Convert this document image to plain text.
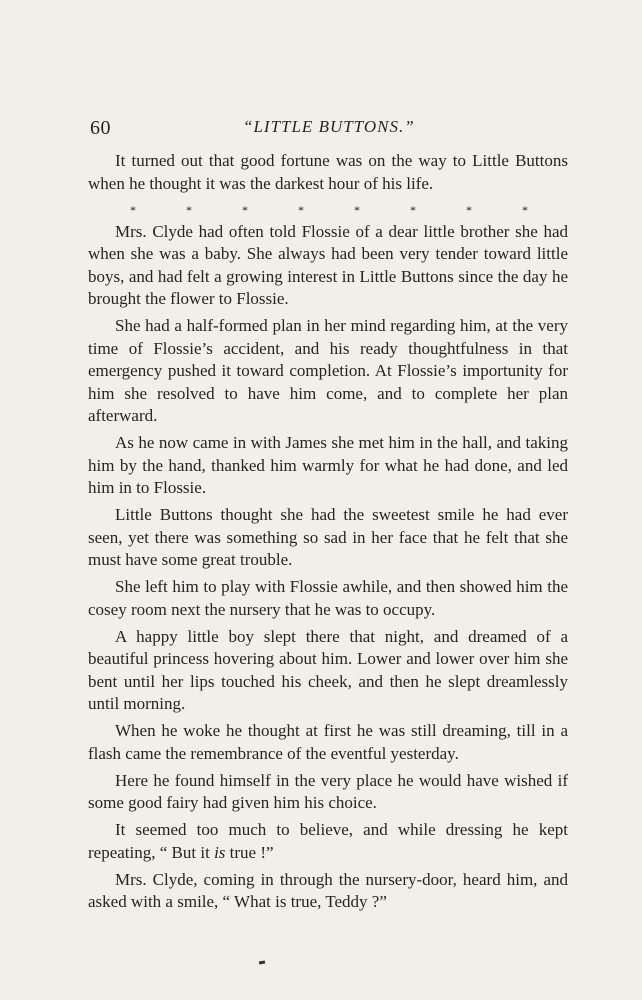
60	“LITTLE BUTTONS.”

It turned out that good fortune was on the way to Little Buttons when he thought it was the darkest hour of his life.

*	*	*	*	*	*	*	*

Mrs. Clyde had often told Flossie of a dear little brother she had when she was a baby. She always had been very tender toward little boys, and had felt a growing interest in Little Buttons since the day he brought the flower to Flossie.

She had a half-formed plan in her mind regarding him, at the very time of Flossie’s accident, and his ready thoughtfulness in that emergency pushed it toward completion. At Flossie’s importunity for him she resolved to have him come, and to complete her plan afterward.

As he now came in with James she met him in the hall, and taking him by the hand, thanked him warmly for what he had done, and led him in to Flossie.

Little Buttons thought she had the sweetest smile he had ever seen, yet there was something so sad in her face that he felt that she must have some great trouble.

She left him to play with Flossie awhile, and then showed him the cosey room next the nursery that he was to occupy.

A happy little boy slept there that night, and dreamed of a beautiful princess hovering about him. Lower and lower over him she bent until her lips touched his cheek, and then he slept dreamlessly until morning.

When he woke he thought at first he was still dreaming, till in a flash came the remembrance of the eventful yesterday.

Here he found himself in the very place he would have wished if some good fairy had given him his choice.

It seemed too much to believe, and while dressing he kept repeating, “ But it is true !”

Mrs. Clyde, coming in through the nursery-door, heard him, and asked with a smile, “ What is true, Teddy ?”
